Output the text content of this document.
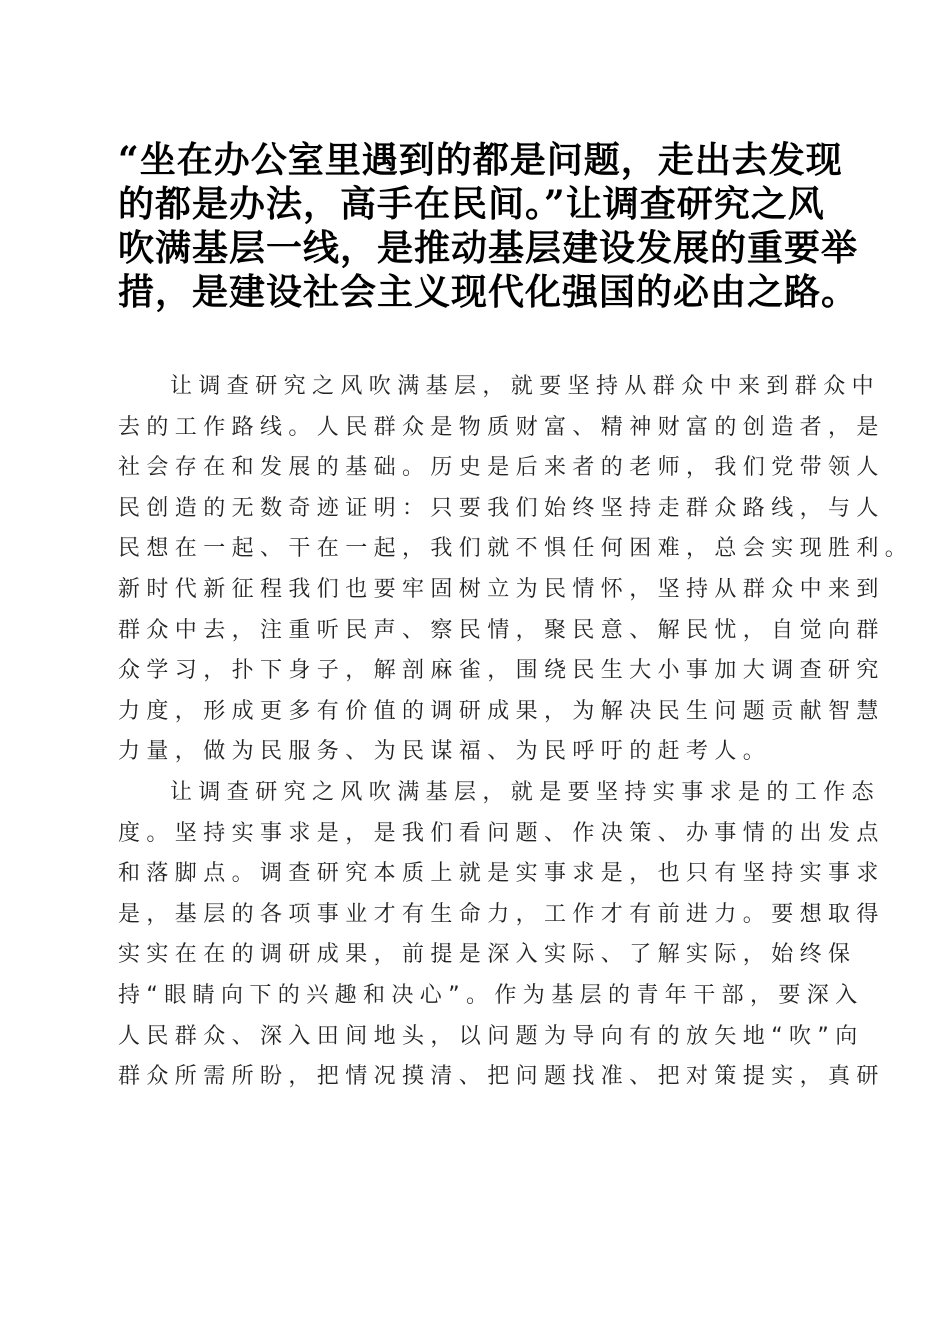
“坐在办公室里遇到的都是问题，走出去发现
的都是办法，高手在民间。”让调查研究之风
吹满基层一线，是推动基层建设发展的重要举
措，是建设社会主义现代化强国的必由之路。
让调查研究之风吹满基层，就要坚持从群众中来到群众中
去的工作路线。人民群众是物质财富、精神财富的创造者，是
社会存在和发展的基础。历史是后来者的老师，我们党带领人
民创造的无数奇迹证明：只要我们始终坚持走群众路线，与人
民想在一起、干在一起，我们就不惧任何困难，总会实现胜利。
新时代新征程我们也要牢固树立为民情怀，坚持从群众中来到
群众中去，注重听民声、察民情，聚民意、解民忧，自觉向群
众学习，扑下身子，解剖麻雀，围绕民生大小事加大调查研究
力度，形成更多有价值的调研成果，为解决民生问题贡献智慧
力量，做为民服务、为民谋福、为民呼吁的赶考人。
让调查研究之风吹满基层，就是要坚持实事求是的工作态
度。坚持实事求是，是我们看问题、作决策、办事情的出发点
和落脚点。调查研究本质上就是实事求是，也只有坚持实事求
是，基层的各项事业才有生命力，工作才有前进力。要想取得
实实在在的调研成果，前提是深入实际、了解实际，始终保
持“眼睛向下的兴趣和决心”。作为基层的青年干部，要深入
人民群众、深入田间地头，以问题为导向有的放矢地“吹”向
群众所需所盼，把情况摸清、把问题找准、把对策提实，真研
